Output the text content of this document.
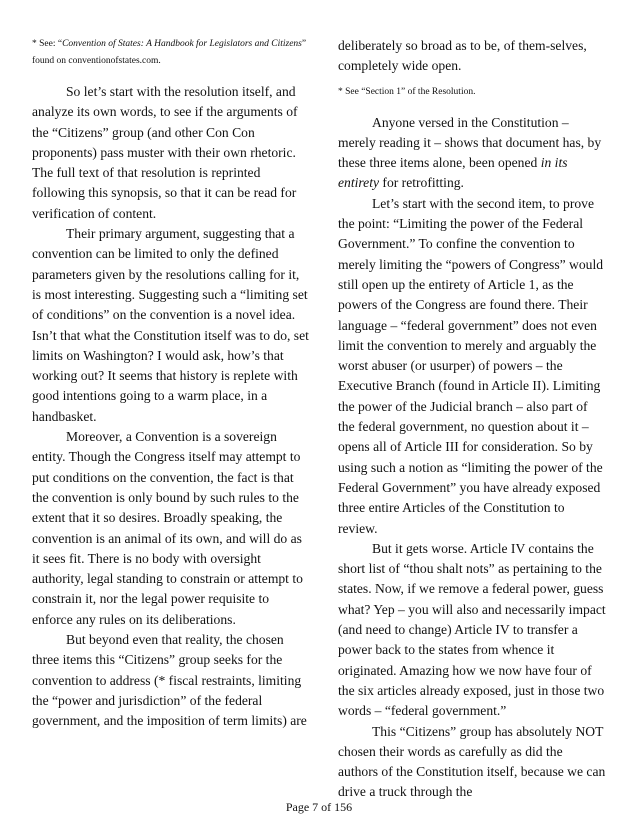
* See: “Convention of States: A Handbook for Legislators and Citizens” found on conventionofstates.com.

So let’s start with the resolution itself, and analyze its own words, to see if the arguments of the “Citizens” group (and other Con Con proponents) pass muster with their own rhetoric. The full text of that resolution is reprinted following this synopsis, so that it can be read for verification of content.

Their primary argument, suggesting that a convention can be limited to only the defined parameters given by the resolutions calling for it, is most interesting. Suggesting such a “limiting set of conditions” on the convention is a novel idea. Isn’t that what the Constitution itself was to do, set limits on Washington? I would ask, how’s that working out? It seems that history is replete with good intentions going to a warm place, in a handbasket.

Moreover, a Convention is a sovereign entity. Though the Congress itself may attempt to put conditions on the convention, the fact is that the convention is only bound by such rules to the extent that it so desires. Broadly speaking, the convention is an animal of its own, and will do as it sees fit. There is no body with oversight authority, legal standing to constrain or attempt to constrain it, nor the legal power requisite to enforce any rules on its deliberations.

But beyond even that reality, the chosen three items this “Citizens” group seeks for the convention to address (* fiscal restraints, limiting the “power and jurisdiction” of the federal government, and the imposition of term limits) are

deliberately so broad as to be, of them-selves, completely wide open.

* See “Section 1” of the Resolution.

Anyone versed in the Constitution – merely reading it – shows that document has, by these three items alone, been opened in its entirety for retrofitting.

Let’s start with the second item, to prove the point: “Limiting the power of the Federal Government.” To confine the convention to merely limiting the “powers of Congress” would still open up the entirety of Article 1, as the powers of the Congress are found there. Their language – “federal government” does not even limit the convention to merely and arguably the worst abuser (or usurper) of powers – the Executive Branch (found in Article II). Limiting the power of the Judicial branch – also part of the federal government, no question about it – opens all of Article III for consideration. So by using such a notion as “limiting the power of the Federal Government” you have already exposed three entire Articles of the Constitution to review.

But it gets worse. Article IV contains the short list of “thou shalt nots” as pertaining to the states. Now, if we remove a federal power, guess what? Yep – you will also and necessarily impact (and need to change) Article IV to transfer a power back to the states from whence it originated. Amazing how we now have four of the six articles already exposed, just in those two words – “federal government.”

This “Citizens” group has absolutely NOT chosen their words as carefully as did the authors of the Constitution itself, because we can drive a truck through the

Page 7 of 156
